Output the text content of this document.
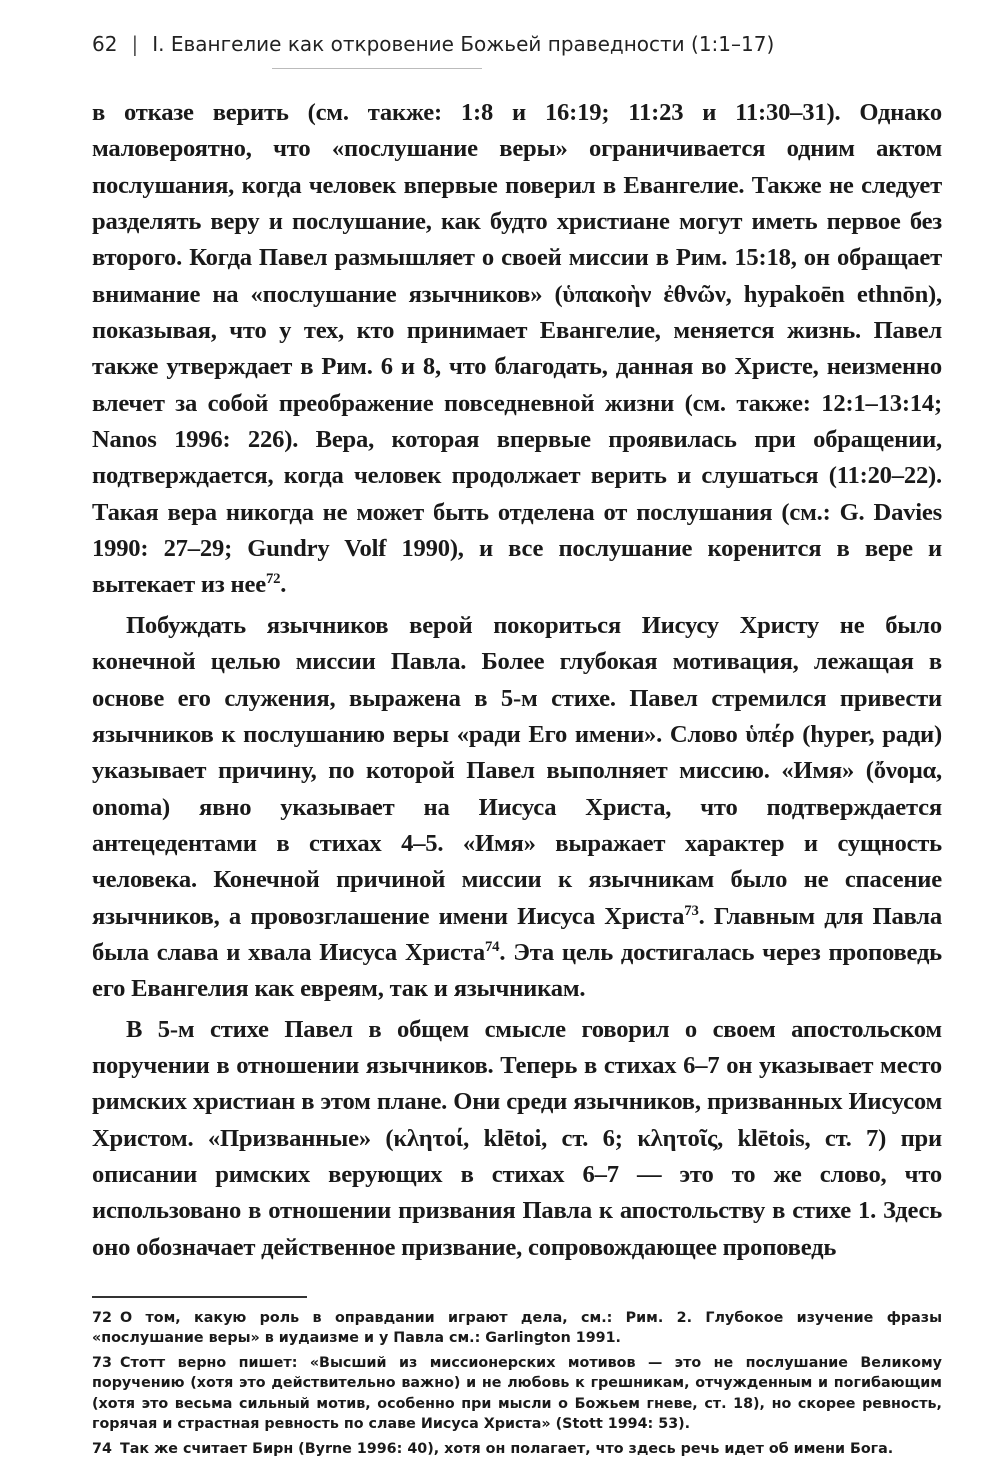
62 | I. Евангелие как откровение Божьей праведности (1:1–17)

в отказе верить (см. также: 1:8 и 16:19; 11:23 и 11:30–31). Однако маловероятно, что «послушание веры» ограничивается одним актом послушания, когда человек впервые поверил в Евангелие. Также не следует разделять веру и послушание, как будто христиане могут иметь первое без второго. Когда Павел размышляет о своей миссии в Рим. 15:18, он обращает внимание на «послушание язычников» (ὑπακοὴν ἐθνῶν, hypakoēn ethnōn), показывая, что у тех, кто принимает Евангелие, меняется жизнь. Павел также утверждает в Рим. 6 и 8, что благодать, данная во Христе, неизменно влечет за собой преображение повседневной жизни (см. также: 12:1–13:14; Nanos 1996: 226). Вера, которая впервые проявилась при обращении, подтверждается, когда человек продолжает верить и слушаться (11:20–22). Такая вера никогда не может быть отделена от послушания (см.: G. Davies 1990: 27–29; Gundry Volf 1990), и все послушание коренится в вере и вытекает из нее$^{72}$.

Побуждать язычников верой покориться Иисусу Христу не было конечной целью миссии Павла. Более глубокая мотивация, лежащая в основе его служения, выражена в 5-м стихе. Павел стремился привести язычников к послушанию веры «ради Его имени». Слово ὑπέρ (hyper, ради) указывает причину, по которой Павел выполняет миссию. «Имя» (ὄνομα, onoma) явно указывает на Иисуса Христа, что подтверждается антецедентами в стихах 4–5. «Имя» выражает характер и сущность человека. Конечной причиной миссии к язычникам было не спасение язычников, а провозглашение имени Иисуса Христа$^{73}$. Главным для Павла была слава и хвала Иисуса Христа$^{74}$. Эта цель достигалась через проповедь его Евангелия как евреям, так и язычникам.

В 5-м стихе Павел в общем смысле говорил о своем апостольском поручении в отношении язычников. Теперь в стихах 6–7 он указывает место римских христиан в этом плане. Они среди язычников, призванных Иисусом Христом. «Призванные» (κλητοί, klētoi, ст. 6; κλητοῖς, klētois, ст. 7) при описании римских верующих в стихах 6–7 — это то же слово, что использовано в отношении призвания Павла к апостольству в стихе 1. Здесь оно обозначает действенное призвание, сопровождающее проповедь

72 О том, какую роль в оправдании играют дела, см.: Рим. 2. Глубокое изучение фразы «послушание веры» в иудаизме и у Павла см.: Garlington 1991.

73 Стотт верно пишет: «Высший из миссионерских мотивов — это не послушание Великому поручению (хотя это действительно важно) и не любовь к грешникам, отчужденным и погибающим (хотя это весьма сильный мотив, особенно при мысли о Божьем гневе, ст. 18), но скорее ревность, горячая и страстная ревность по славе Иисуса Христа» (Stott 1994: 53).

74 Так же считает Бирн (Byrne 1996: 40), хотя он полагает, что здесь речь идет об имени Бога.
